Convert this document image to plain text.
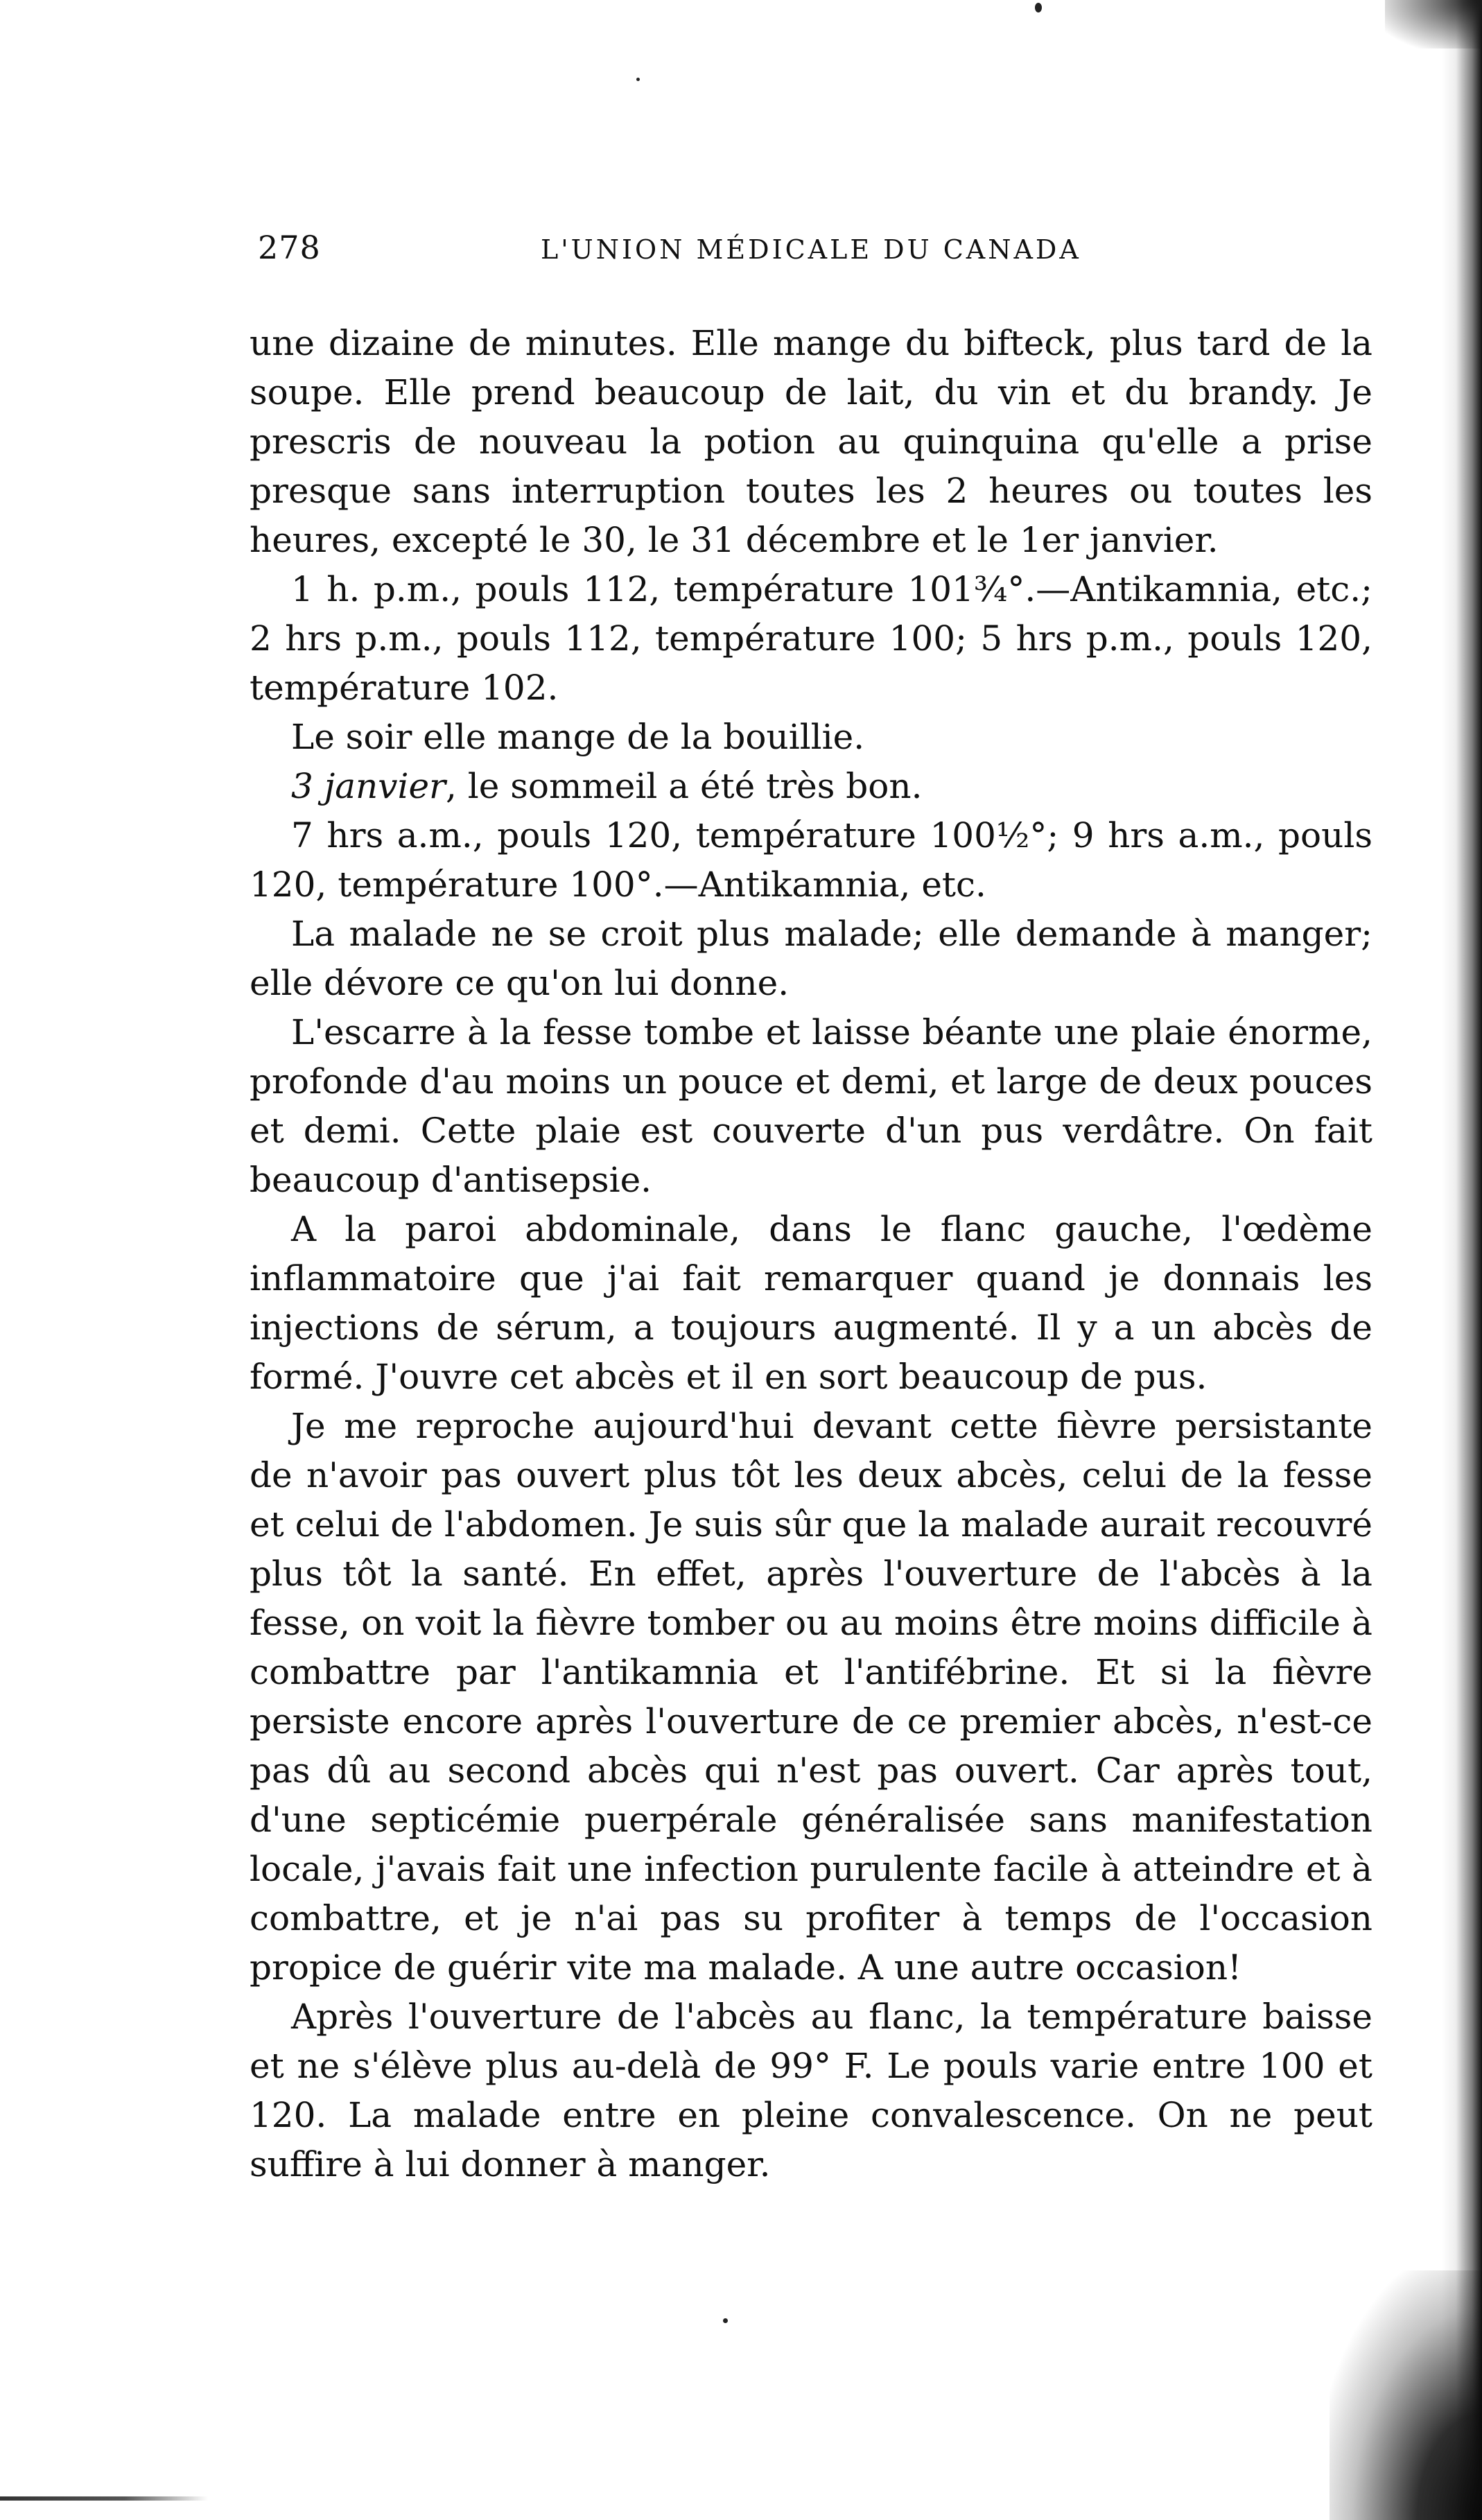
278	L'UNION MÉDICALE DU CANADA

une dizaine de minutes. Elle mange du bifteck, plus tard de la soupe. Elle prend beaucoup de lait, du vin et du brandy. Je prescris de nouveau la potion au quinquina qu'elle a prise presque sans interruption toutes les 2 heures ou toutes les heures, excepté le 30, le 31 décembre et le 1er janvier.

1 h. p.m., pouls 112, température 101¾°.—Antikamnia, etc.; 2 hrs p.m., pouls 112, température 100; 5 hrs p.m., pouls 120, température 102.

Le soir elle mange de la bouillie.

3 janvier, le sommeil a été très bon.

7 hrs a.m., pouls 120, température 100½°; 9 hrs a.m., pouls 120, température 100°.—Antikamnia, etc.

La malade ne se croit plus malade; elle demande à manger; elle dévore ce qu'on lui donne.

L'escarre à la fesse tombe et laisse béante une plaie énorme, profonde d'au moins un pouce et demi, et large de deux pouces et demi. Cette plaie est couverte d'un pus verdâtre. On fait beaucoup d'antisepsie.

A la paroi abdominale, dans le flanc gauche, l'œdème inflammatoire que j'ai fait remarquer quand je donnais les injections de sérum, a toujours augmenté. Il y a un abcès de formé. J'ouvre cet abcès et il en sort beaucoup de pus.

Je me reproche aujourd'hui devant cette fièvre persistante de n'avoir pas ouvert plus tôt les deux abcès, celui de la fesse et celui de l'abdomen. Je suis sûr que la malade aurait recouvré plus tôt la santé. En effet, après l'ouverture de l'abcès à la fesse, on voit la fièvre tomber ou au moins être moins difficile à combattre par l'antikamnia et l'antifébrine. Et si la fièvre persiste encore après l'ouverture de ce premier abcès, n'est-ce pas dû au second abcès qui n'est pas ouvert. Car après tout, d'une septicémie puerpérale généralisée sans manifestation locale, j'avais fait une infection purulente facile à atteindre et à combattre, et je n'ai pas su profiter à temps de l'occasion propice de guérir vite ma malade. A une autre occasion!

Après l'ouverture de l'abcès au flanc, la température baisse et ne s'élève plus au-delà de 99° F. Le pouls varie entre 100 et 120. La malade entre en pleine convalescence. On ne peut suffire à lui donner à manger.
